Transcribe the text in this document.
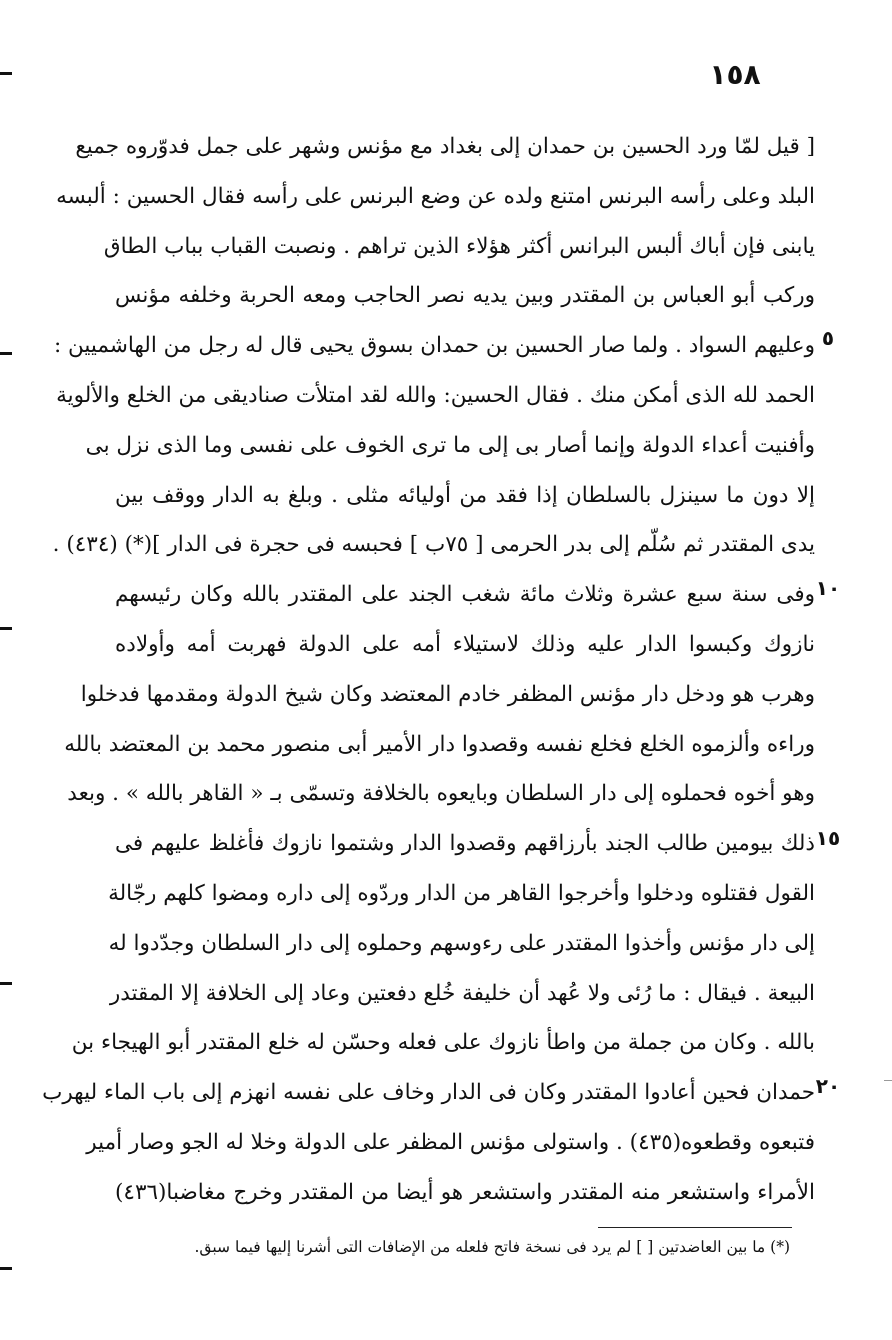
١٥٨
[ قيل لمّا ورد الحسين بن حمدان إلى بغداد مع مؤنس وشهر على جمل فدوّروه جميع
البلد وعلى رأسه البرنس امتنع ولده عن وضع البرنس على رأسه فقال الحسين : ألبسه
يابنى فإن أباك ألبس البرانس أكثر هؤلاء الذين تراهم . ونصبت القباب بباب الطاق
وركب أبو العباس بن المقتدر وبين يديه نصر الحاجب ومعه الحربة وخلفه مؤنس
وعليهم السواد . ولما صار الحسين بن حمدان بسوق يحيى قال له رجل من الهاشميين :
الحمد لله الذى أمكن منك . فقال الحسين: والله لقد امتلأت صناديقى من الخلع والألوية
وأفنيت أعداء الدولة وإنما أصار بى إلى ما ترى الخوف على نفسى وما الذى نزل بى
إلا دون ما سينزل بالسلطان إذا فقد من أوليائه مثلى . وبلغ به الدار ووقف بين
يدى المقتدر ثم سُلّم إلى بدر الحرمى [ ٧٥ب ] فحبسه فى حجرة فى الدار ](*) (٤٣٤) .
وفى سنة سبع عشرة وثلاث مائة شغب الجند على المقتدر بالله وكان رئيسهم
نازوك وكبسوا الدار عليه وذلك لاستيلاء أمه على الدولة فهربت أمه وأولاده
وهرب هو ودخل دار مؤنس المظفر خادم المعتضد وكان شيخ الدولة ومقدمها فدخلوا
وراءه وألزموه الخلع فخلع نفسه وقصدوا دار الأمير أبى منصور محمد بن المعتضد بالله
وهو أخوه فحملوه إلى دار السلطان وبايعوه بالخلافة وتسمّى بـ « القاهر بالله » . وبعد
ذلك بيومين طالب الجند بأرزاقهم وقصدوا الدار وشتموا نازوك فأغلظ عليهم فى
القول فقتلوه ودخلوا وأخرجوا القاهر من الدار وردّوه إلى داره ومضوا كلهم رجّالة
إلى دار مؤنس وأخذوا المقتدر على رءوسهم وحملوه إلى دار السلطان وجدّدوا له
البيعة . فيقال : ما رُئى ولا عُهد أن خليفة خُلع دفعتين وعاد إلى الخلافة إلا المقتدر
بالله . وكان من جملة من واطأ نازوك على فعله وحسّن له خلع المقتدر أبو الهيجاء بن
حمدان فحين أعادوا المقتدر وكان فى الدار وخاف على نفسه انهزم إلى باب الماء ليهرب
فتبعوه وقطعوه(٤٣٥) . واستولى مؤنس المظفر على الدولة وخلا له الجو وصار أمير
الأمراء واستشعر منه المقتدر واستشعر هو أيضا من المقتدر وخرج مغاضبا(٤٣٦)
٥
١٠
١٥
٢٠
(*) ما بين العاضدتين [ ] لم يرد فى نسخة فاتح فلعله من الإضافات التى أشرنا إليها فيما سبق.
